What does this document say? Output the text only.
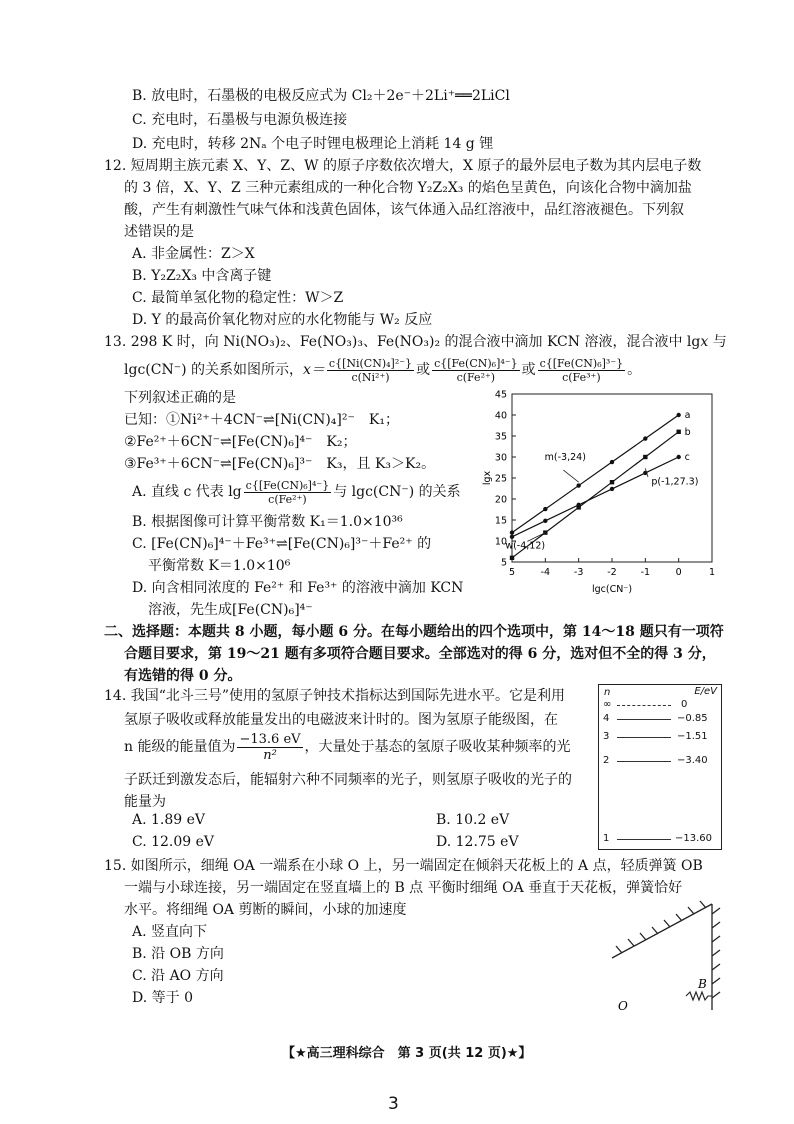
B. 放电时，石墨极的电极反应式为 Cl₂＋2e⁻＋2Li⁺══2LiCl
C. 充电时，石墨极与电源负极连接
D. 充电时，转移 2Nₐ 个电子时锂电极理论上消耗 14 g 锂
12. 短周期主族元素 X、Y、Z、W 的原子序数依次增大，X 原子的最外层电子数为其内层电子数
的 3 倍，X、Y、Z 三种元素组成的一种化合物 Y₂Z₂X₃ 的焰色呈黄色，向该化合物中滴加盐
酸，产生有刺激性气味气体和浅黄色固体，该气体通入品红溶液中，品红溶液褪色。下列叙
述错误的是
A. 非金属性：Z＞X
B. Y₂Z₂X₃ 中含离子键
C. 最简单氢化物的稳定性：W＞Z
D. Y 的最高价氧化物对应的水化物能与 W₂ 反应
13. 298 K 时，向 Ni(NO₃)₂、Fe(NO₃)₃、Fe(NO₃)₂ 的混合液中滴加 KCN 溶液，混合液中 lg𝑥 与
lgc(CN⁻) 的关系如图所示，$x= \frac{\text{c\{[Ni(CN)₄]²⁻\}}}{\text{c(Ni²⁺)}}$ 或 $\frac{\text{c\{[Fe(CN)₆]⁴⁻\}}}{\text{c(Fe²⁺)}}$ 或 $\frac{\text{c\{[Fe(CN)₆]³⁻\}}}{\text{c(Fe³⁺)}}$ 。
下列叙述正确的是
已知：①Ni²⁺＋4CN⁻⇌[Ni(CN)₄]²⁻　K₁；
②Fe²⁺＋6CN⁻⇌[Fe(CN)₆]⁴⁻　K₂；
③Fe³⁺＋6CN⁻⇌[Fe(CN)₆]³⁻　K₃，且 K₃＞K₂。
A. 直线 c 代表 $\lg \frac{\text{c\{[Fe(CN)₆]⁴⁻\}}}{\text{c(Fe²⁺)}}$ 与 lgc(CN⁻) 的关系
B. 根据图像可计算平衡常数 K₁＝1.0×10³⁶
C. [Fe(CN)₆]⁴⁻＋Fe³⁺⇌[Fe(CN)₆]³⁻＋Fe²⁺ 的
平衡常数 K＝1.0×10⁶
D. 向含相同浓度的 Fe²⁺ 和 Fe³⁺ 的溶液中滴加 KCN
溶液，先生成[Fe(CN)₆]⁴⁻
5
10
15
20
25
30
35
40
45
5	-4	-3	-2	-1	0	1
lgc(CN⁻)
lgx
a
b
c
m(-3,24)
p(-1,27.3)
w(-4,12)
二、选择题：本题共 8 小题，每小题 6 分。在每小题给出的四个选项中，第 14～18 题只有一项符
合题目要求，第 19～21 题有多项符合题目要求。全部选对的得 6 分，选对但不全的得 3 分，
有选错的得 0 分。
14. 我国“北斗三号”使用的氢原子钟技术指标达到国际先进水平。它是利用
氢原子吸收或释放能量发出的电磁波来计时的。图为氢原子能级图，在
n 能级的能量值为 $\frac{-13.6 eV}{\text{n²}}$ ，大量处于基态的氢原子吸收某种频率的光
子跃迁到激发态后，能辐射六种不同频率的光子，则氢原子吸收的光子的
能量为
A. 1.89 eV	B. 10.2 eV
C. 12.09 eV	D. 12.75 eV
n	E/eV
∞	0
4	−0.85
3	−1.51
2	−3.40
1	−13.60
15. 如图所示，细绳 OA 一端系在小球 O 上，另一端固定在倾斜天花板上的 A 点，轻质弹簧 OB
一端与小球连接，另一端固定在竖直墙上的 B 点 平衡时细绳 OA 垂直于天花板，弹簧恰好
水平。将细绳 OA 剪断的瞬间，小球的加速度
A. 竖直向下
B. 沿 OB 方向
C. 沿 AO 方向
D. 等于 0	O
B
【★高三理科综合　第 3 页(共 12 页)★】
3
